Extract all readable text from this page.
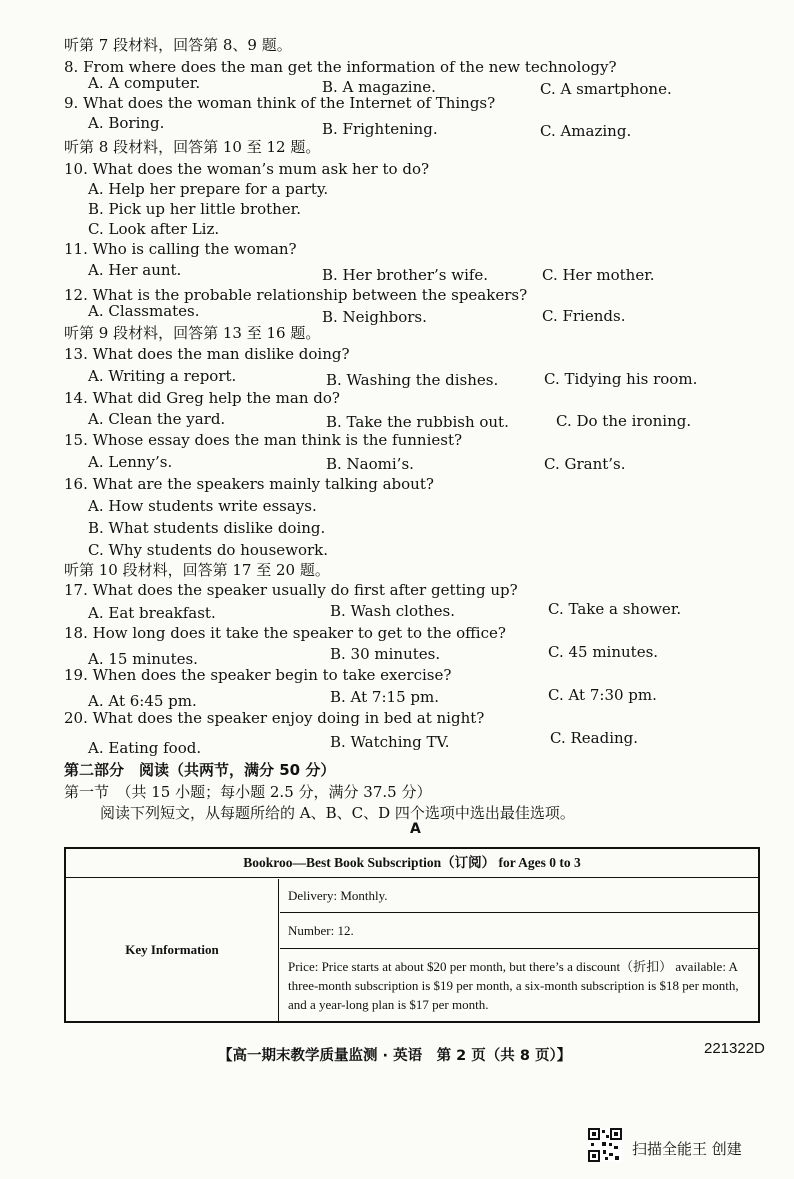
听第 7 段材料，回答第 8、9 题。
8. From where does the man get the information of the new technology?
A. A computer.	B. A magazine.	C. A smartphone.
9. What does the woman think of the Internet of Things?
A. Boring.	B. Frightening.	C. Amazing.
听第 8 段材料，回答第 10 至 12 题。
10. What does the woman’s mum ask her to do?
A. Help her prepare for a party.
B. Pick up her little brother.
C. Look after Liz.
11. Who is calling the woman?
A. Her aunt.	B. Her brother’s wife.	C. Her mother.
12. What is the probable relationship between the speakers?
A. Classmates.	B. Neighbors.	C. Friends.
听第 9 段材料，回答第 13 至 16 题。
13. What does the man dislike doing?
A. Writing a report.	B. Washing the dishes.	C. Tidying his room.
14. What did Greg help the man do?
A. Clean the yard.	B. Take the rubbish out.	C. Do the ironing.
15. Whose essay does the man think is the funniest?
A. Lenny’s.	B. Naomi’s.	C. Grant’s.
16. What are the speakers mainly talking about?
A. How students write essays.
B. What students dislike doing.
C. Why students do housework.
听第 10 段材料，回答第 17 至 20 题。
17. What does the speaker usually do first after getting up?
A. Eat breakfast.	B. Wash clothes.	C. Take a shower.
18. How long does it take the speaker to get to the office?
A. 15 minutes.	B. 30 minutes.	C. 45 minutes.
19. When does the speaker begin to take exercise?
A. At 6:45 pm.	B. At 7:15 pm.	C. At 7:30 pm.
20. What does the speaker enjoy doing in bed at night?
A. Eating food.	B. Watching TV.	C. Reading.
第二部分　阅读（共两节，满分 50 分）
第一节　（共 15 小题；每小题 2.5 分，满分 37.5 分）
阅读下列短文，从每题所给的 A、B、C、D 四个选项中选出最佳选项。
A
Bookroo—Best Book Subscription（订阅） for Ages 0 to 3
Key Information
Delivery: Monthly.
Number: 12.
Price: Price starts at about $20 per month, but there’s a discount（折扣） available: A three-month subscription is $19 per month, a six-month subscription is $18 per month, and a year-long plan is $17 per month.
【高一期末教学质量监测 · 英语　第 2 页（共 8 页）】	221322D
扫描全能王 创建
